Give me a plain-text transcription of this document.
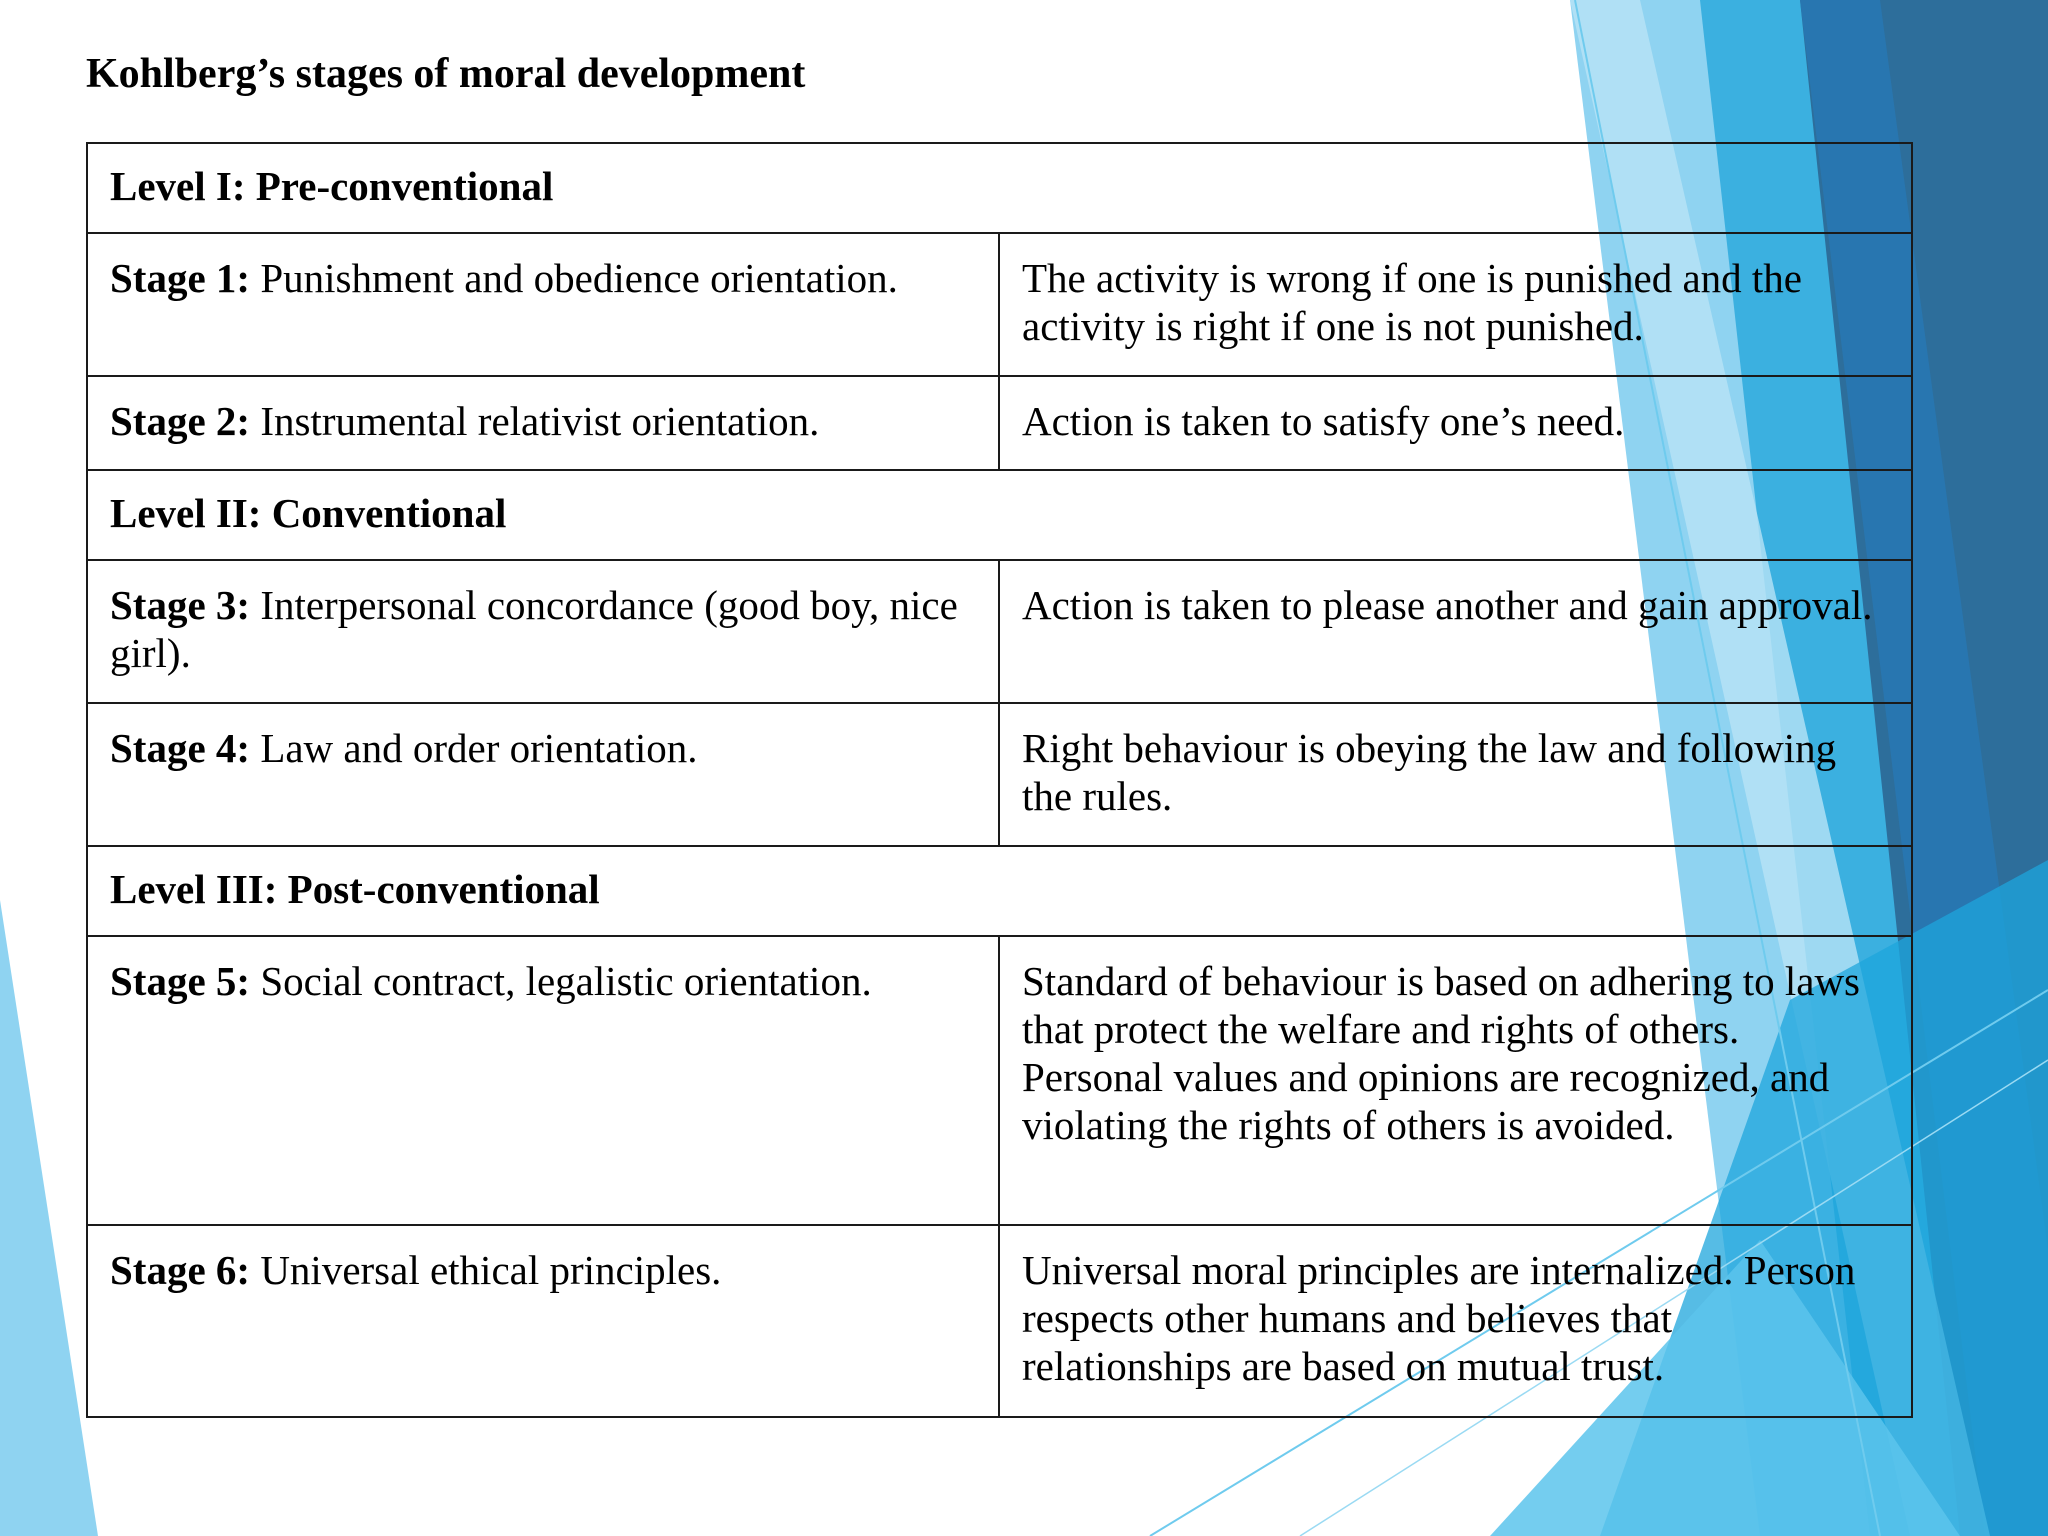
Kohlberg’s stages of moral development
Level I: Pre-conventional	
Stage 1: Punishment and obedience orientation.	The activity is wrong if one is punished and the activity is right if one is not punished.
Stage 2: Instrumental relativist orientation.	Action is taken to satisfy one’s need.
Level II: Conventional	
Stage 3: Interpersonal concordance (good boy, nice girl).	Action is taken to please another and gain approval.
Stage 4: Law and order orientation.	Right behaviour is obeying the law and following the rules.
Level III: Post-conventional	
Stage 5: Social contract, legalistic orientation.	Standard of behaviour is based on adhering to laws that protect the welfare and rights of others. Personal values and opinions are recognized, and violating the rights of others is avoided.
Stage 6: Universal ethical principles.	Universal moral principles are internalized. Person respects other humans and believes that relationships are based on mutual trust.
